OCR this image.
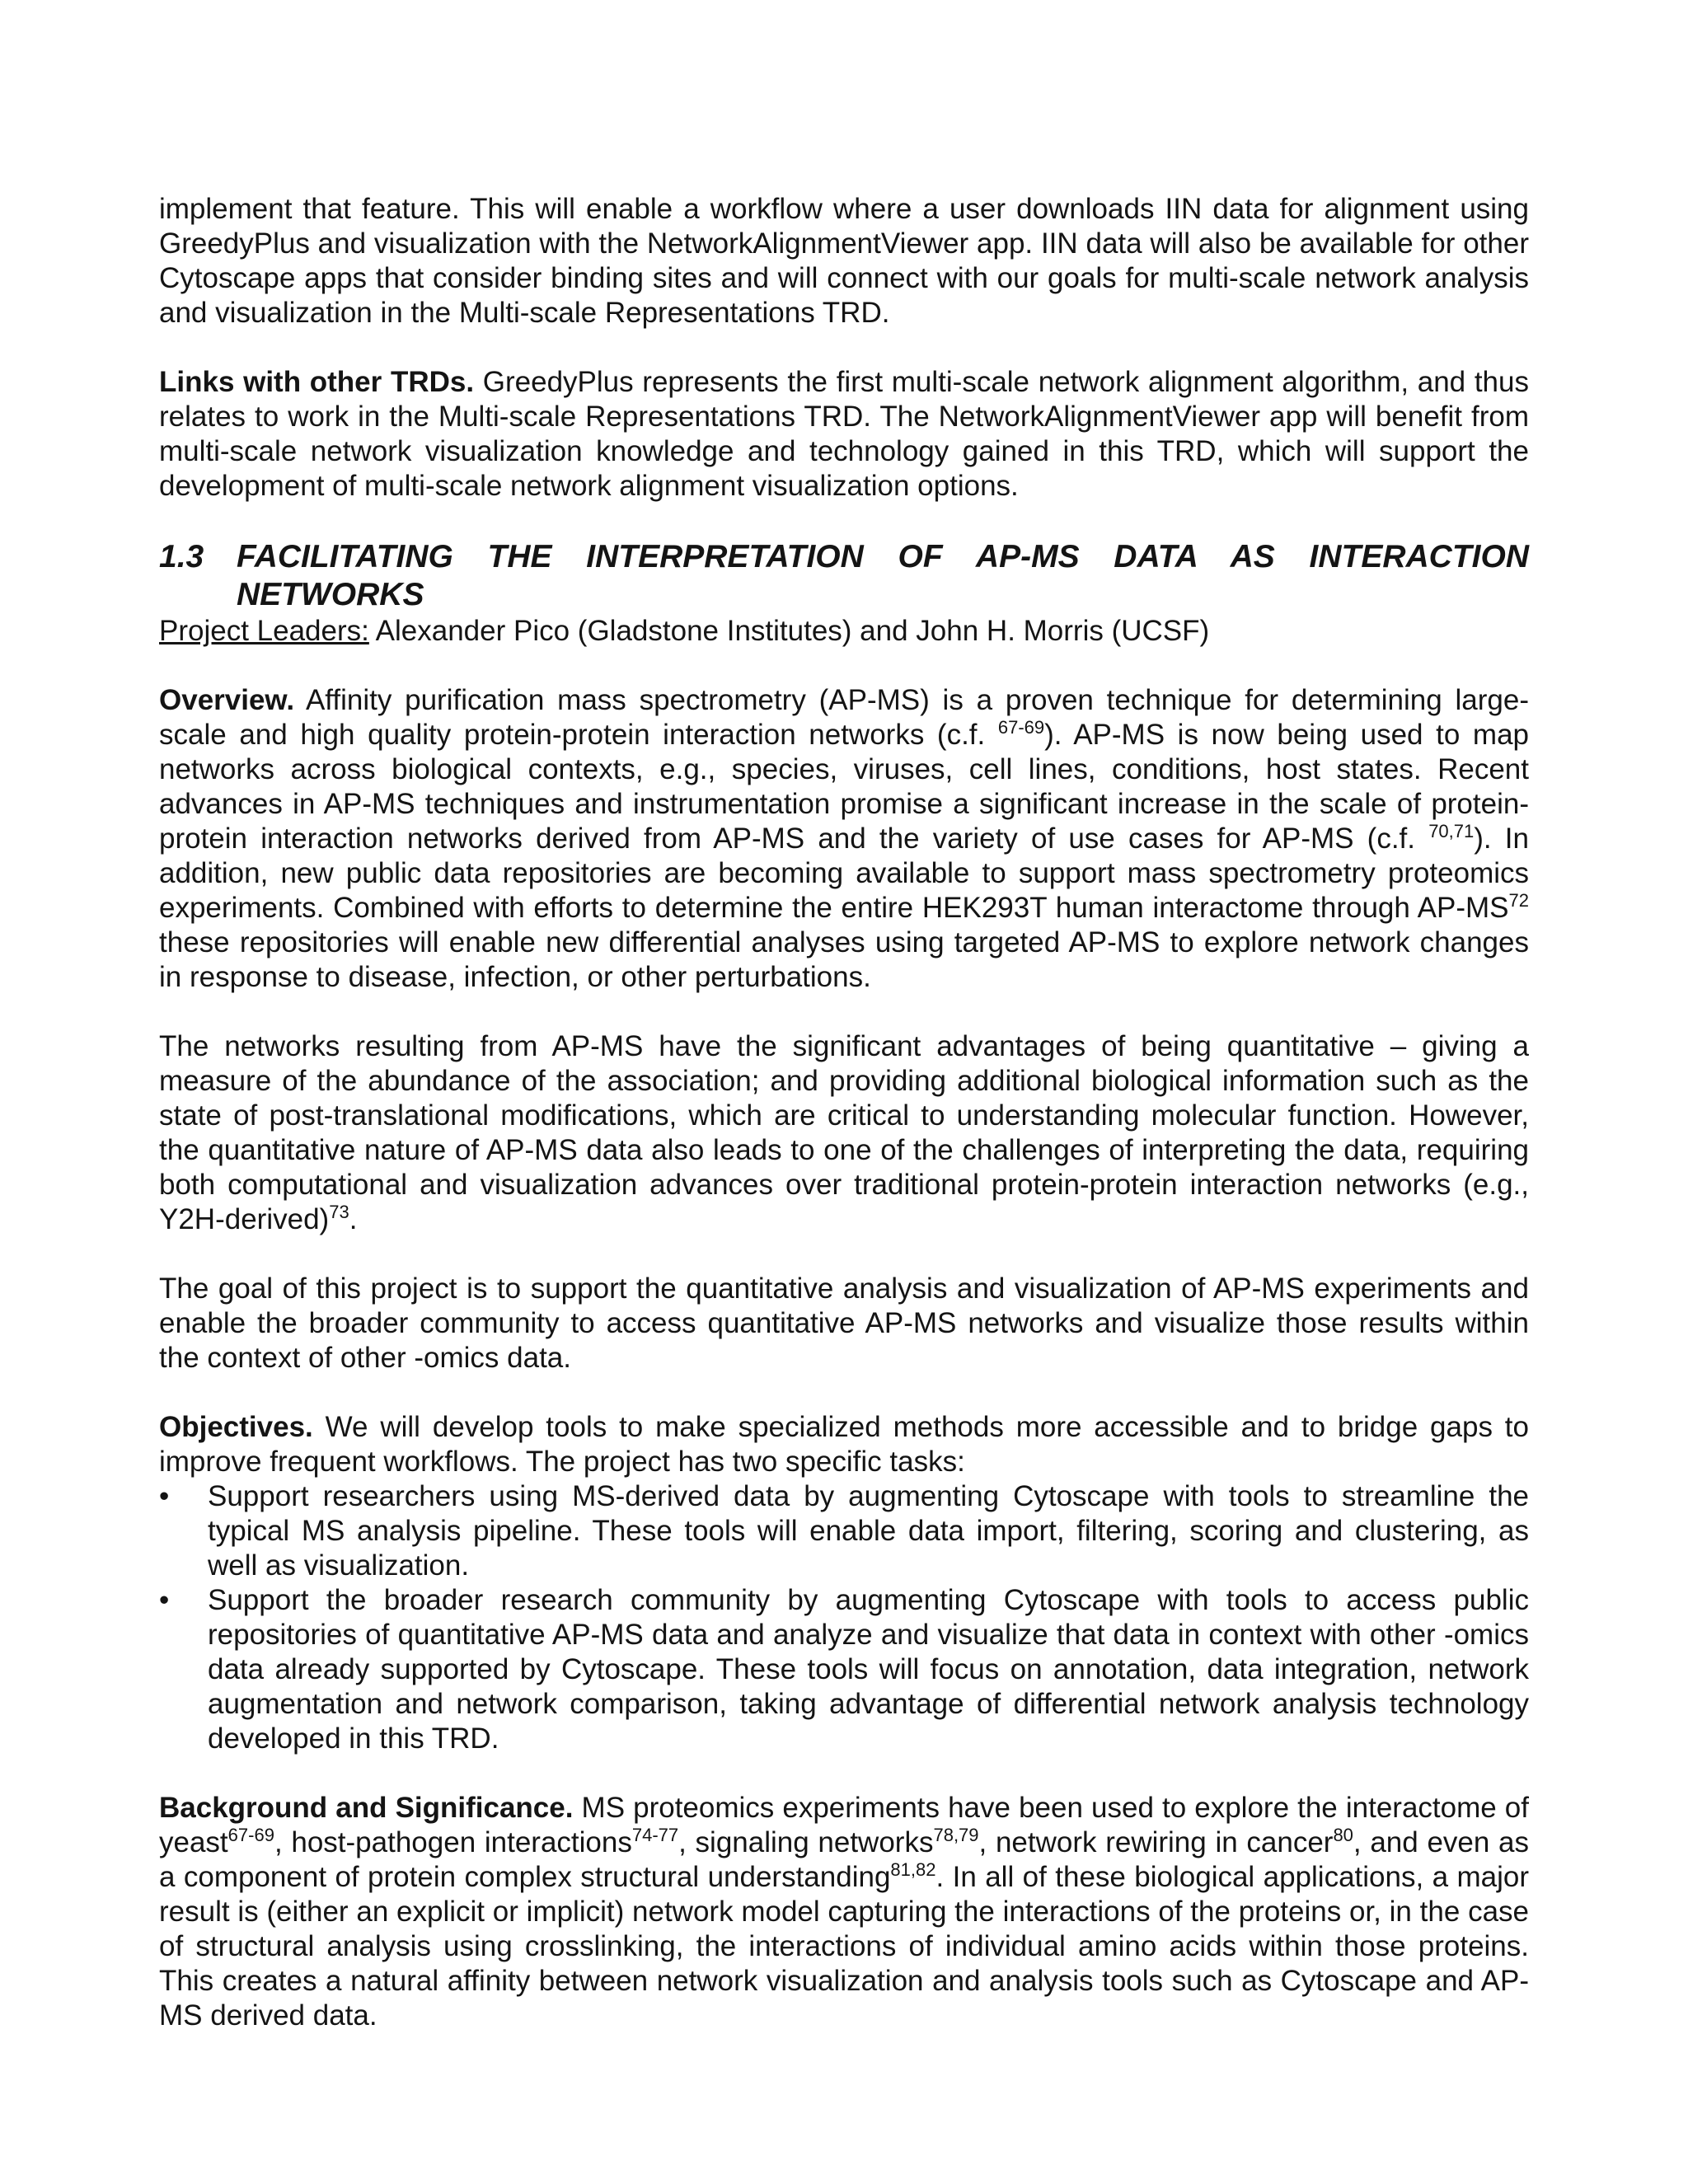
implement that feature. This will enable a workflow where a user downloads IIN data for alignment using GreedyPlus and visualization with the NetworkAlignmentViewer app. IIN data will also be available for other Cytoscape apps that consider binding sites and will connect with our goals for multi-scale network analysis and visualization in the Multi-scale Representations TRD.

Links with other TRDs. GreedyPlus represents the first multi-scale network alignment algorithm, and thus relates to work in the Multi-scale Representations TRD. The NetworkAlignmentViewer app will benefit from multi-scale network visualization knowledge and technology gained in this TRD, which will support the development of multi-scale network alignment visualization options.

1.3	FACILITATING THE INTERPRETATION OF AP-MS DATA AS INTERACTION NETWORKS

Project Leaders: Alexander Pico (Gladstone Institutes) and John H. Morris (UCSF)

Overview. Affinity purification mass spectrometry (AP-MS) is a proven technique for determining large-scale and high quality protein-protein interaction networks (c.f. $^{67-69}$). AP-MS is now being used to map networks across biological contexts, e.g., species, viruses, cell lines, conditions, host states. Recent advances in AP-MS techniques and instrumentation promise a significant increase in the scale of protein-protein interaction networks derived from AP-MS and the variety of use cases for AP-MS (c.f. $^{70,71}$). In addition, new public data repositories are becoming available to support mass spectrometry proteomics experiments. Combined with efforts to determine the entire HEK293T human interactome through AP-MS$^{72}$ these repositories will enable new differential analyses using targeted AP-MS to explore network changes in response to disease, infection, or other perturbations.

The networks resulting from AP-MS have the significant advantages of being quantitative – giving a measure of the abundance of the association; and providing additional biological information such as the state of post-translational modifications, which are critical to understanding molecular function. However, the quantitative nature of AP-MS data also leads to one of the challenges of interpreting the data, requiring both computational and visualization advances over traditional protein-protein interaction networks (e.g., Y2H-derived)$^{73}$.

The goal of this project is to support the quantitative analysis and visualization of AP-MS experiments and enable the broader community to access quantitative AP-MS networks and visualize those results within the context of other -omics data.

Objectives. We will develop tools to make specialized methods more accessible and to bridge gaps to improve frequent workflows. The project has two specific tasks:

• Support researchers using MS-derived data by augmenting Cytoscape with tools to streamline the typical MS analysis pipeline. These tools will enable data import, filtering, scoring and clustering, as well as visualization.
• Support the broader research community by augmenting Cytoscape with tools to access public repositories of quantitative AP-MS data and analyze and visualize that data in context with other -omics data already supported by Cytoscape. These tools will focus on annotation, data integration, network augmentation and network comparison, taking advantage of differential network analysis technology developed in this TRD.

Background and Significance. MS proteomics experiments have been used to explore the interactome of yeast$^{67-69}$, host-pathogen interactions$^{74-77}$, signaling networks$^{78,79}$, network rewiring in cancer$^{80}$, and even as a component of protein complex structural understanding$^{81,82}$. In all of these biological applications, a major result is (either an explicit or implicit) network model capturing the interactions of the proteins or, in the case of structural analysis using crosslinking, the interactions of individual amino acids within those proteins. This creates a natural affinity between network visualization and analysis tools such as Cytoscape and AP-MS derived data.
